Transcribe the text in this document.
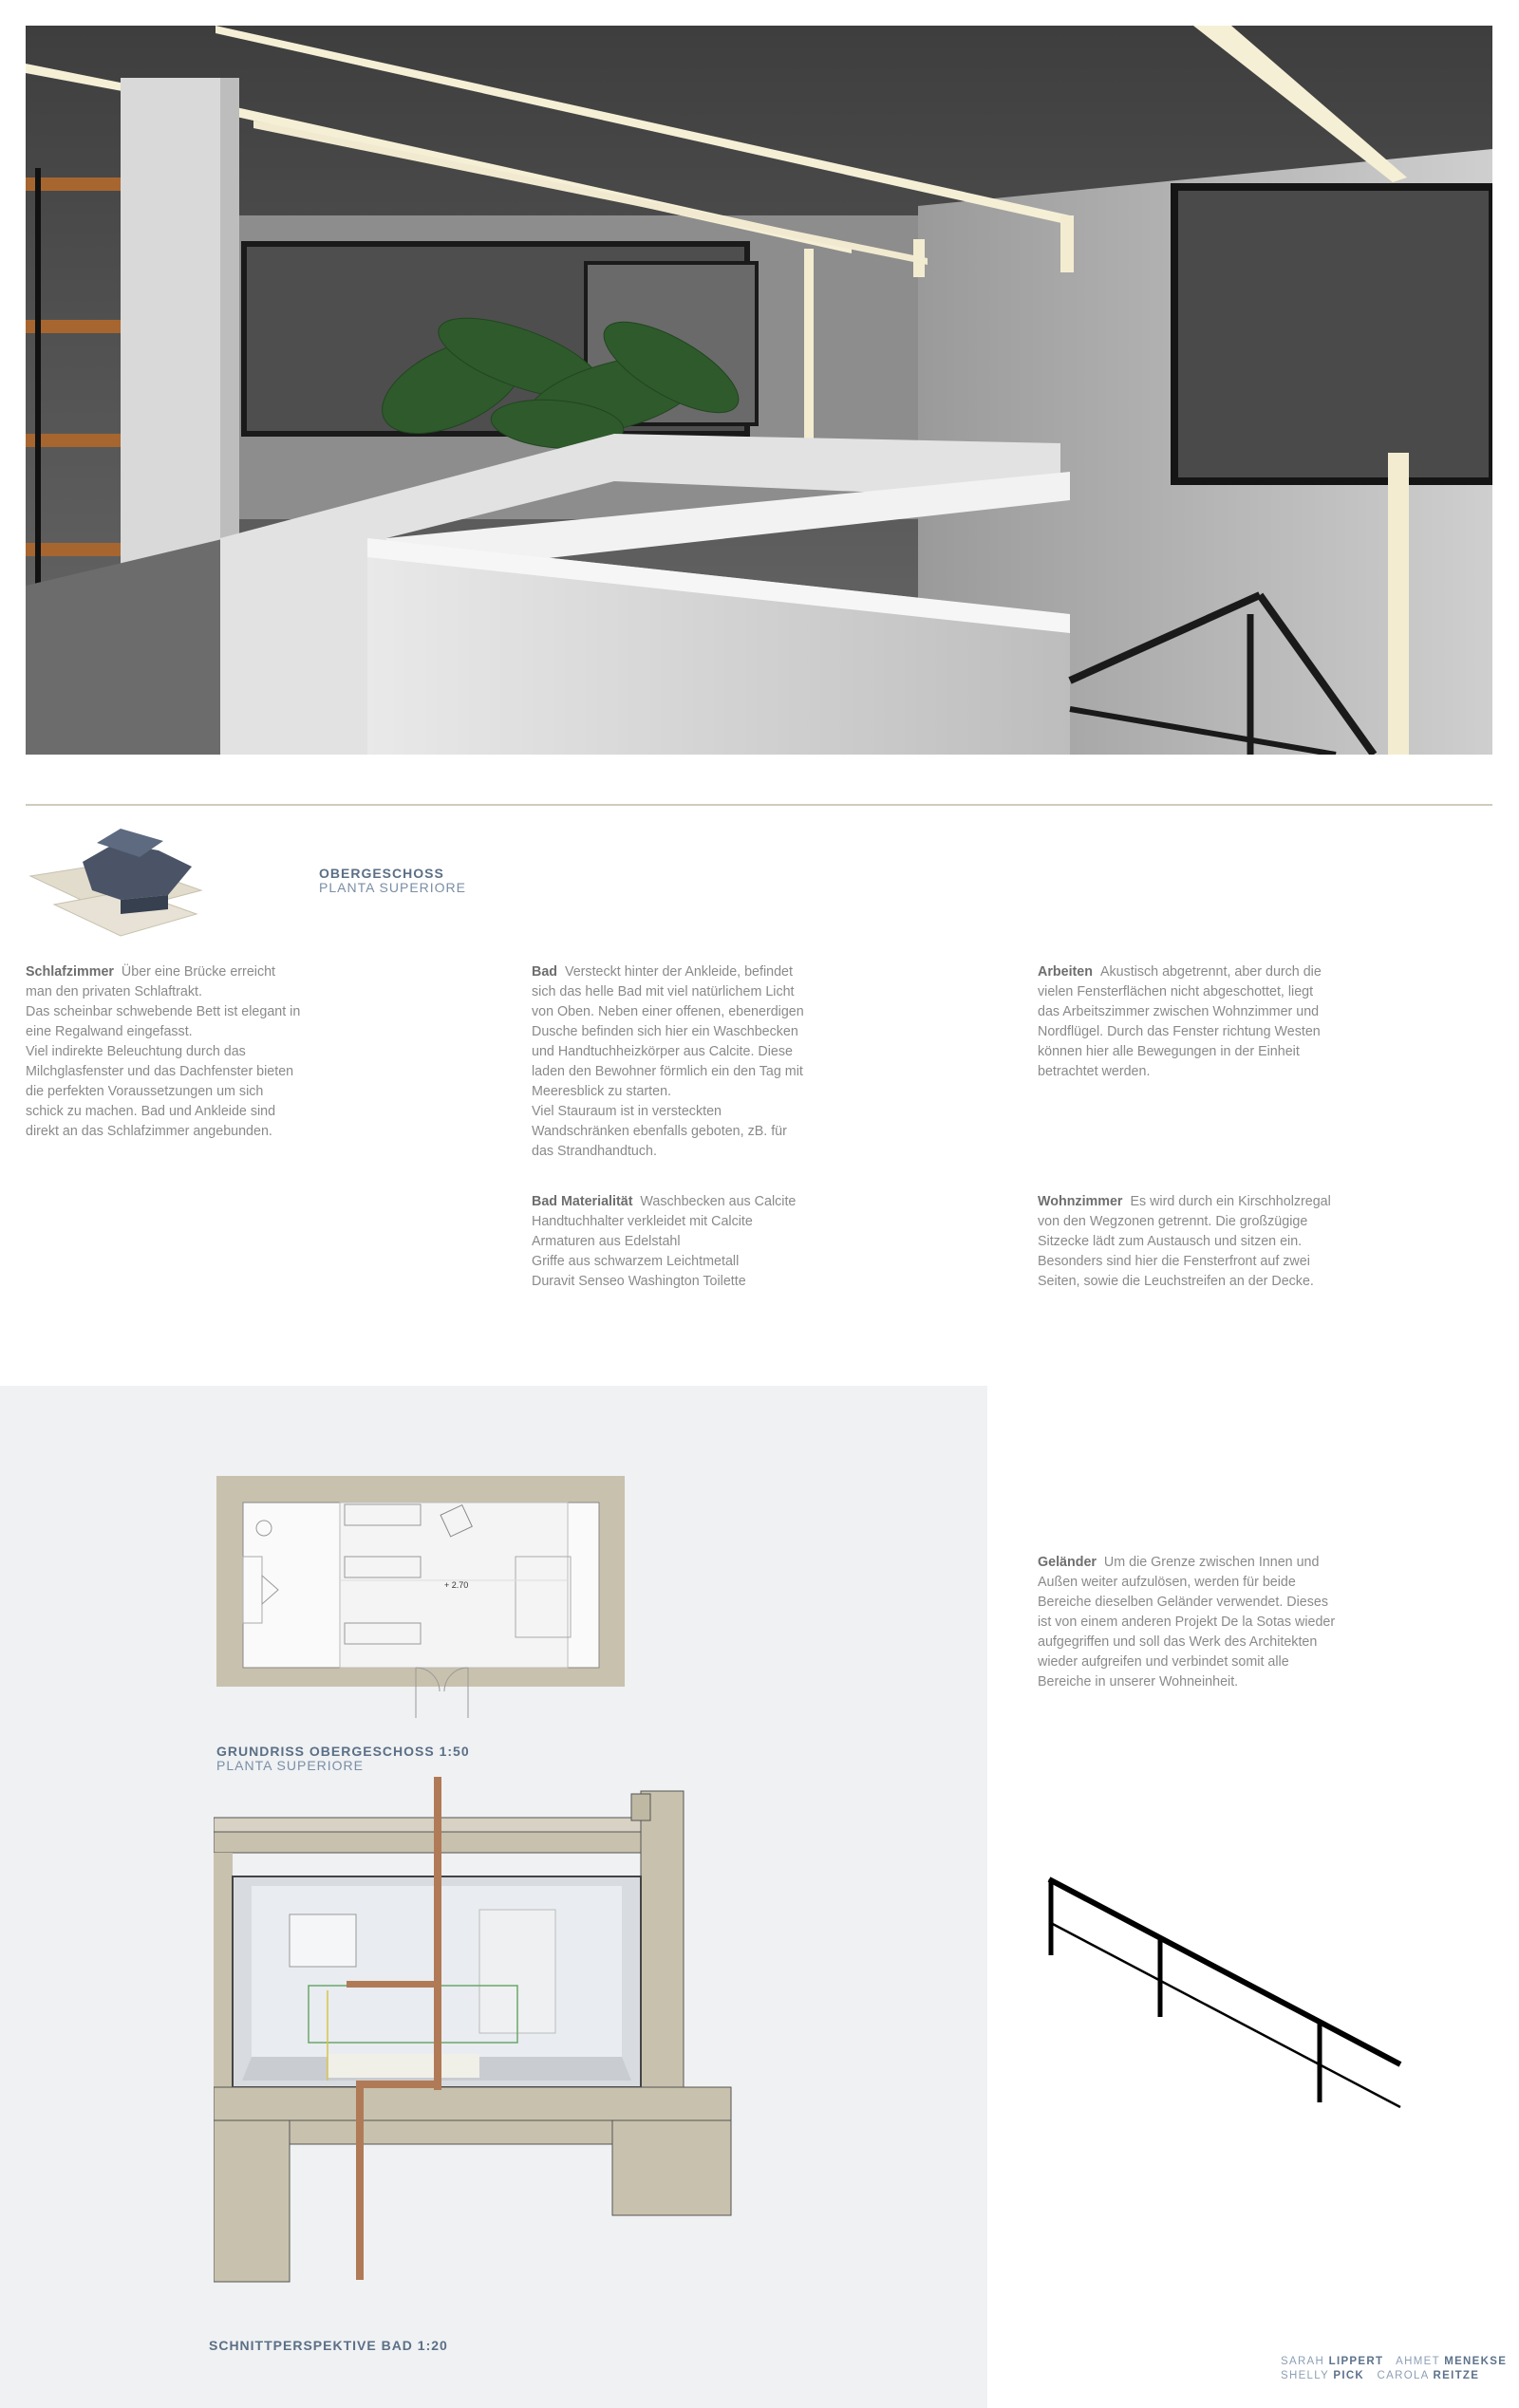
OBERGESCHOSS
PLANTA SUPERIORE
Schlafzimmer  Über eine Brücke erreicht
man den privaten Schlaftrakt.
Das scheinbar schwebende Bett ist elegant in
eine Regalwand eingefasst.
Viel indirekte Beleuchtung durch das
Milchglasfenster und das Dachfenster bieten
die perfekten Voraussetzungen um sich
schick zu machen. Bad und Ankleide sind
direkt an das Schlafzimmer angebunden.
Bad  Versteckt hinter der Ankleide, befindet
sich das helle Bad mit viel natürlichem Licht
von Oben. Neben einer offenen, ebenerdigen
Dusche befinden sich hier ein Waschbecken
und Handtuchheizkörper aus Calcite. Diese
laden den Bewohner förmlich ein den Tag mit
Meeresblick zu starten.
Viel Stauraum ist in versteckten
Wandschränken ebenfalls geboten, zB. für
das Strandhandtuch.
Arbeiten  Akustisch abgetrennt, aber durch die
vielen Fensterflächen nicht abgeschottet, liegt
das Arbeitszimmer zwischen Wohnzimmer und
Nordflügel. Durch das Fenster richtung Westen
können hier alle Bewegungen in der Einheit
betrachtet werden.
Bad Materialität  Waschbecken aus Calcite
Handtuchhalter verkleidet mit Calcite
Armaturen aus Edelstahl
Griffe aus schwarzem Leichtmetall
Duravit Senseo Washington Toilette
Wohnzimmer  Es wird durch ein Kirschholzregal
von den Wegzonen getrennt. Die großzügige
Sitzecke lädt zum Austausch und sitzen ein.
Besonders sind hier die Fensterfront auf zwei
Seiten, sowie die Leuchstreifen an der Decke.
Geländer  Um die Grenze zwischen Innen und
Außen weiter aufzulösen, werden für beide
Bereiche dieselben Geländer verwendet. Dieses
ist von einem anderen Projekt De la Sotas wieder
aufgegriffen und soll das Werk des Architekten
wieder aufgreifen und verbindet somit alle
Bereiche in unserer Wohneinheit.
+ 2.70
GRUNDRISS OBERGESCHOSS 1:50
PLANTA SUPERIORE
SCHNITTPERSPEKTIVE BAD 1:20
SARAH LIPPERT AHMET MENEKSE
SHELLY PICK CAROLA REITZE
